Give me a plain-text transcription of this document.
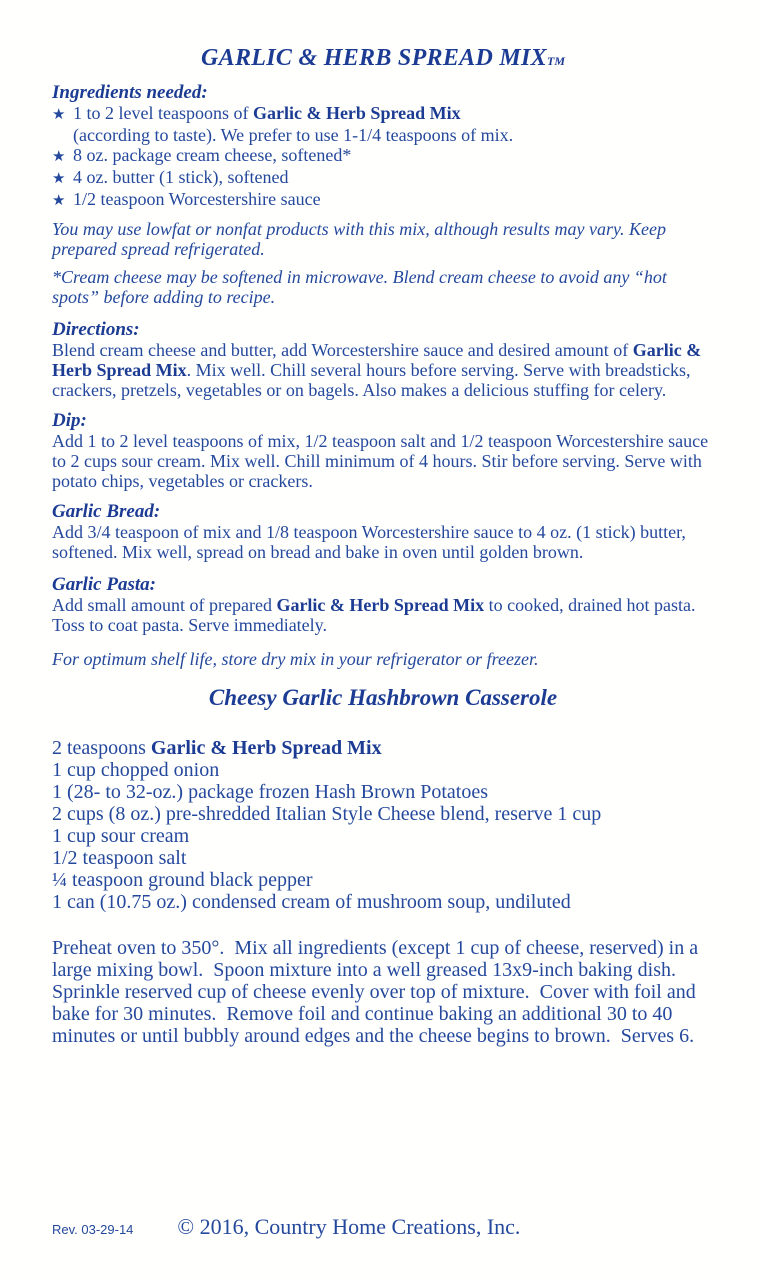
GARLIC & HERB SPREAD MIXTM
Ingredients needed:
★ 1 to 2 level teaspoons of Garlic & Herb Spread Mix
(according to taste). We prefer to use 1-1/4 teaspoons of mix.
★ 8 oz. package cream cheese, softened*
★ 4 oz. butter (1 stick), softened
★ 1/2 teaspoon Worcestershire sauce
You may use lowfat or nonfat products with this mix, although results may vary. Keep prepared spread refrigerated.
*Cream cheese may be softened in microwave. Blend cream cheese to avoid any “hot spots” before adding to recipe.
Directions:
Blend cream cheese and butter, add Worcestershire sauce and desired amount of Garlic & Herb Spread Mix. Mix well. Chill several hours before serving. Serve with breadsticks, crackers, pretzels, vegetables or on bagels. Also makes a delicious stuffing for celery.
Dip:
Add 1 to 2 level teaspoons of mix, 1/2 teaspoon salt and 1/2 teaspoon Worcestershire sauce to 2 cups sour cream. Mix well. Chill minimum of 4 hours. Stir before serving. Serve with potato chips, vegetables or crackers.
Garlic Bread:
Add 3/4 teaspoon of mix and 1/8 teaspoon Worcestershire sauce to 4 oz. (1 stick) butter, softened. Mix well, spread on bread and bake in oven until golden brown.
Garlic Pasta:
Add small amount of prepared Garlic & Herb Spread Mix to cooked, drained hot pasta. Toss to coat pasta. Serve immediately.
For optimum shelf life, store dry mix in your refrigerator or freezer.
Cheesy Garlic Hashbrown Casserole
2 teaspoons Garlic & Herb Spread Mix
1 cup chopped onion
1 (28- to 32-oz.) package frozen Hash Brown Potatoes
2 cups (8 oz.) pre-shredded Italian Style Cheese blend, reserve 1 cup
1 cup sour cream
1/2 teaspoon salt
¼ teaspoon ground black pepper
1 can (10.75 oz.) condensed cream of mushroom soup, undiluted
Preheat oven to 350°.  Mix all ingredients (except 1 cup of cheese, reserved) in a large mixing bowl.  Spoon mixture into a well greased 13x9-inch baking dish.  Sprinkle reserved cup of cheese evenly over top of mixture.  Cover with foil and bake for 30 minutes.  Remove foil and continue baking an additional 30 to 40 minutes or until bubbly around edges and the cheese begins to brown.  Serves 6.
Rev. 03-29-14 © 2016, Country Home Creations, Inc.
